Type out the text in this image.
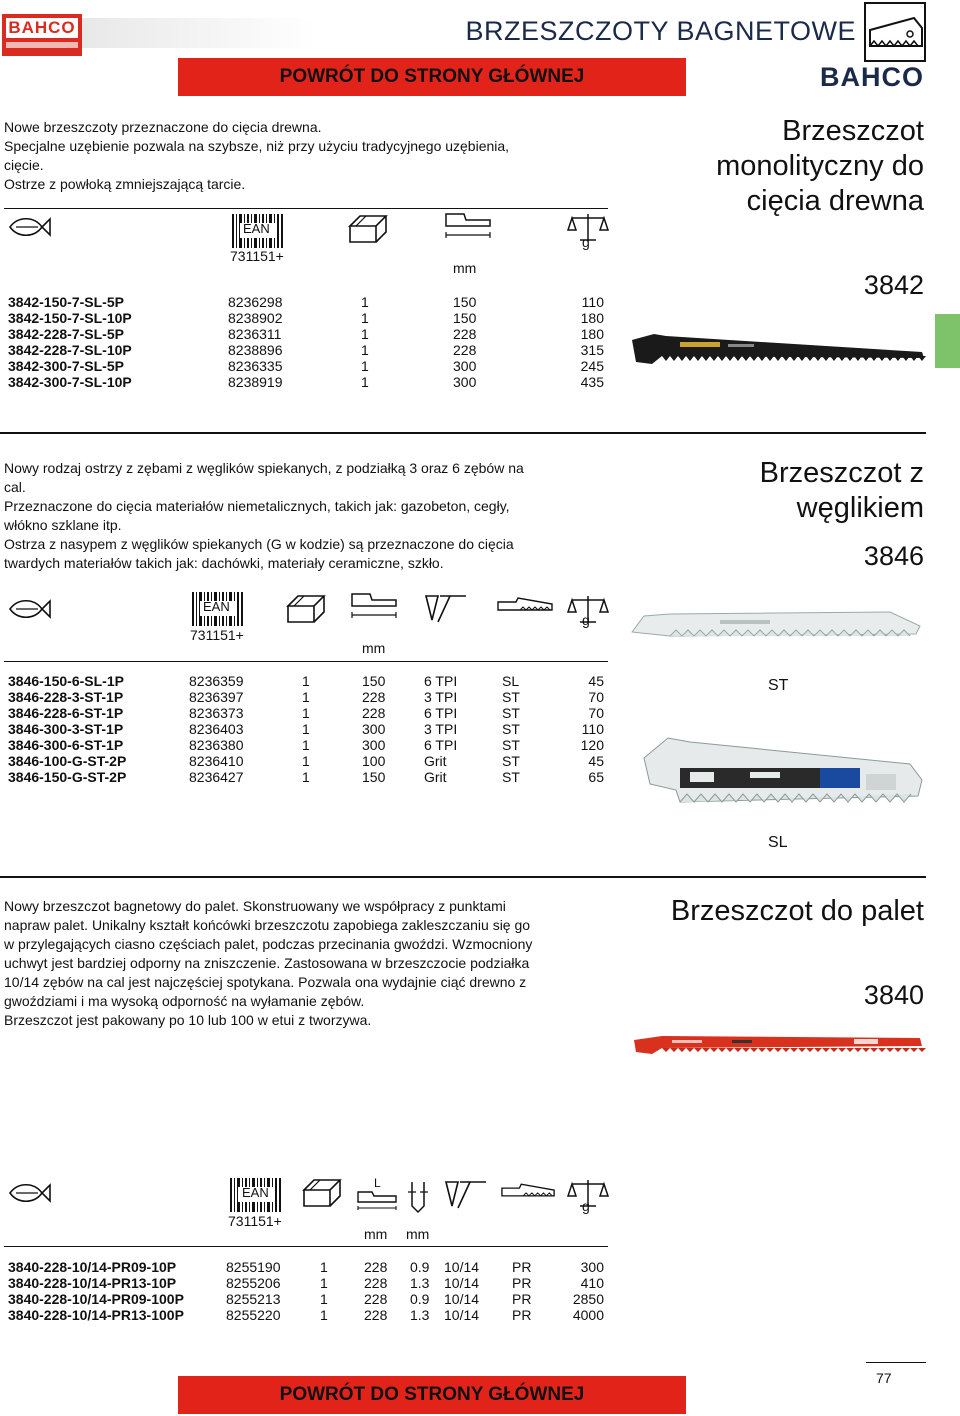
BAHCO	BRZESZCZOTY BAGNETOWE
POWRÓT DO STRONY GŁÓWNEJ	BAHCO

Nowe brzeszczoty przeznaczone do cięcia drewna.

Specjalne uzębienie pozwala na szybsze, niż przy użyciu tradycyjnego uzębienia,

cięcie.

Ostrze z powłoką zmniejszającą tarcie.

Brzeszczot
monolityczny do
cięcia drewna
3842
EAN
731151+
mm
g
3842-150-7-SL-5P	8236298	1	150	110
3842-150-7-SL-10P	8238902	1	150	180
3842-228-7-SL-5P	8236311	1	228	180
3842-228-7-SL-10P	8238896	1	228	315
3842-300-7-SL-5P	8236335	1	300	245
3842-300-7-SL-10P	8238919	1	300	435

Nowy rodzaj ostrzy z zębami z węglików spiekanych, z podziałką 3 oraz 6 zębów na

cal.

Przeznaczone do cięcia materiałów niemetalicznych, takich jak: gazobeton, cegły,

włókno szklane itp.

Ostrza z nasypem z węglików spiekanych (G w kodzie) są przeznaczone do cięcia

twardych materiałów takich jak: dachówki, materiały ceramiczne, szkło.

Brzeszczot z
węglikiem
3846
EAN
731151+
mm
g
3846-150-6-SL-1P	8236359	1	150	6 TPI	SL	45
3846-228-3-ST-1P	8236397	1	228	3 TPI	ST	70
3846-228-6-ST-1P	8236373	1	228	6 TPI	ST	70
3846-300-3-ST-1P	8236403	1	300	3 TPI	ST	110
3846-300-6-ST-1P	8236380	1	300	6 TPI	ST	120
3846-100-G-ST-2P	8236410	1	100	Grit	ST	45
3846-150-G-ST-2P	8236427	1	150	Grit	ST	65
ST
SL

Nowy brzeszczot bagnetowy do palet. Skonstruowany we współpracy z punktami

napraw palet. Unikalny kształt końcówki brzeszczotu zapobiega zakleszczaniu się go

w przylegających ciasno częściach palet, podczas przecinania gwoździ. Wzmocniony

uchwyt jest bardziej odporny na zniszczenie. Zastosowana w brzeszczocie podziałka

10/14 zębów na cal jest najczęściej spotykana. Pozwala ona wydajnie ciąć drewno z

gwoździami i ma wysoką odporność na wyłamanie zębów.

Brzeszczot jest pakowany po 10 lub 100 w etui z tworzywa.

Brzeszczot do palet
3840
EAN
731151+
L
mm mm
g
3840-228-10/14-PR09-10P	8255190	1	228 0.9 10/14 PR	300
3840-228-10/14-PR13-10P	8255206	1	228 1.3 10/14 PR	410
3840-228-10/14-PR09-100P	8255213	1	228 0.9 10/14 PR	2850
3840-228-10/14-PR13-100P	8255220	1	228 1.3 10/14 PR	4000
POWRÓT DO STRONY GŁÓWNEJ
77
